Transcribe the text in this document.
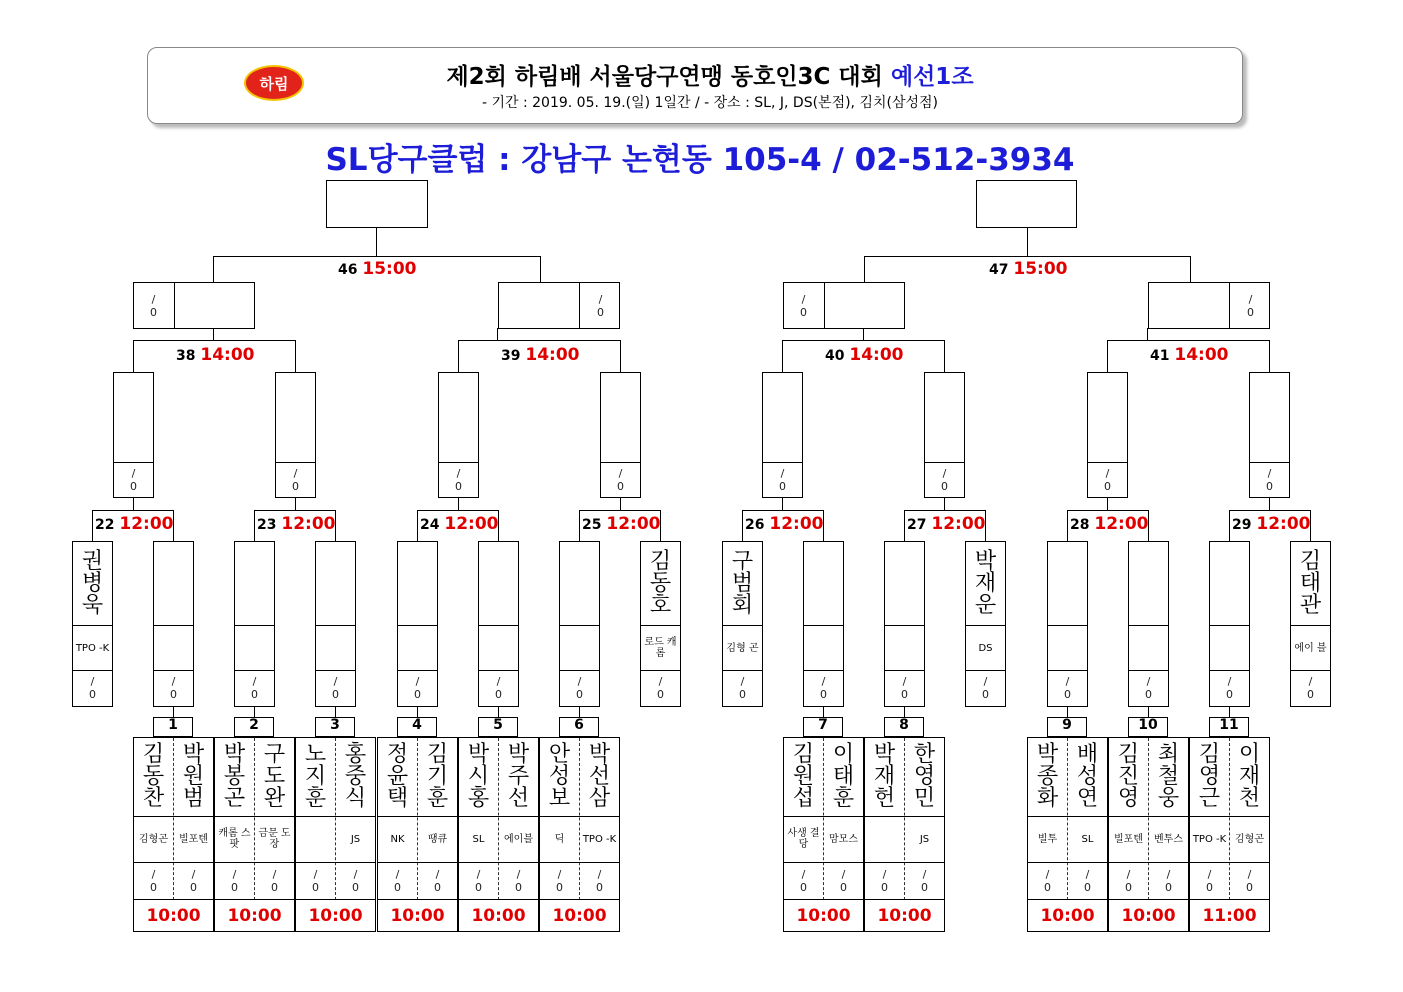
하림	제2회 하림배 서울당구연맹 동호인3C 대회 예선1조
- 기간 : 2019. 05. 19.(일) 1일간 / - 장소 : SL, J, DS(본점), 김치(삼성점)
SL당구클럽 : 강남구 논현동 105-4 / 02-512-3934
/
0
권
병
욱
TPO -K
/
0
/
0
/
0
/
0
/
0
/
0
/
0
김
동
호
로드 캐롬
/
0
구
범
회
김형 곤
/
0
/
0
/
0
박
재
운
DS
/
0
/
0
/
0
/
0
김
태
관
에이 블
22 12:00	23 12:00	24 12:00	25 12:00	26 12:00	27 12:00	28 12:00	29 12:00
/
0
/
0
/
0
/
0
/
0
/
0
/
0
/
0
38 14:00	39 14:00	40 14:00	41 14:00
/
0
/
0
/
0
/
0
46 15:00	47 15:00
1
김
동
찬
김형곤
/
0
박
원
범
빌포텐
/
0
10:00
2
박
봉
곤
캐롬 스팟
/
0
구
도
완
금문 도장
/
0
10:00
3
노
지
훈
/
0
홍
중
식
JS
/
0
10:00
4
정
윤
택
NK
/
0
김
기
훈
땡큐
/
0
10:00
5
박
시
홍
SL
/
0
박
주
선
에이블
/
0
10:00
6
안
성
보
딕
/
0
박
선
삼
TPO -K
/
0
10:00
7
김
원
섭
사생 결당
/
0
이
태
훈
맘모스
/
0
10:00
8
박
재
헌
/
0
한
영
민
JS
/
0
10:00
9
박
종
화
빌투
/
0
배
성
연
SL
/
0
10:00
10
김
진
영
빌포텐
/
0
최
철
웅
벤투스
/
0
10:00
11
김
영
근
TPO -K
/
0
이
재
천
김형곤
/
0
11:00
